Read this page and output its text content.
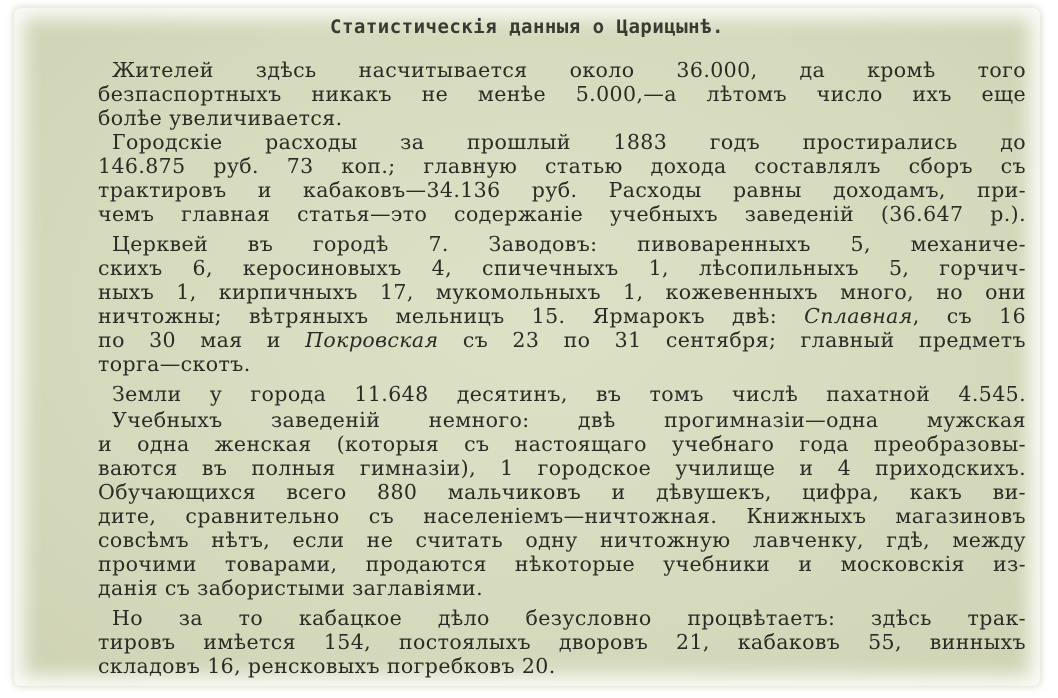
Статистическія данныя о Царицынѣ.
Жителей здѣсь насчитывается около 36.000, да кромѣ того
безпаспортныхъ никакъ не менѣе 5.000,—а лѣтомъ число ихъ еще
болѣе увеличивается.
Городскіе расходы за прошлый 1883 годъ простирались до
146.875 руб. 73 коп.; главную статью дохода составлялъ сборъ съ
трактировъ и кабаковъ—34.136 руб. Расходы равны доходамъ, при-
чемъ главная статья—это содержаніе учебныхъ заведеній (36.647 р.).
Церквей въ городѣ 7. Заводовъ: пивоваренныхъ 5, механиче-
скихъ 6, керосиновыхъ 4, спичечныхъ 1, лѣсопильныхъ 5, горчич-
ныхъ 1, кирпичныхъ 17, мукомольныхъ 1, кожевенныхъ много, но они
ничтожны; вѣтряныхъ мельницъ 15. Ярмарокъ двѣ: Сплавная, съ 16
по 30 мая и Покровская съ 23 по 31 сентября; главный предметъ
торга—скотъ.
Земли у города 11.648 десятинъ, въ томъ числѣ пахатной 4.545.
Учебныхъ заведеній немного: двѣ прогимназіи—одна мужская
и одна женская (которыя съ настоящаго учебнаго года преобразовы-
ваются въ полныя гимназіи), 1 городское училище и 4 приходскихъ.
Обучающихся всего 880 мальчиковъ и дѣвушекъ, цифра, какъ ви-
дите, сравнительно съ населеніемъ—ничтожная. Книжныхъ магазиновъ
совсѣмъ нѣтъ, если не считать одну ничтожную лавченку, гдѣ, между
прочими товарами, продаются нѣкоторые учебники и московскія из-
данія съ забористыми заглавіями.
Но за то кабацкое дѣло безусловно процвѣтаетъ: здѣсь трак-
тировъ имѣется 154, постоялыхъ дворовъ 21, кабаковъ 55, винныхъ
складовъ 16, ренсковыхъ погребковъ 20.
